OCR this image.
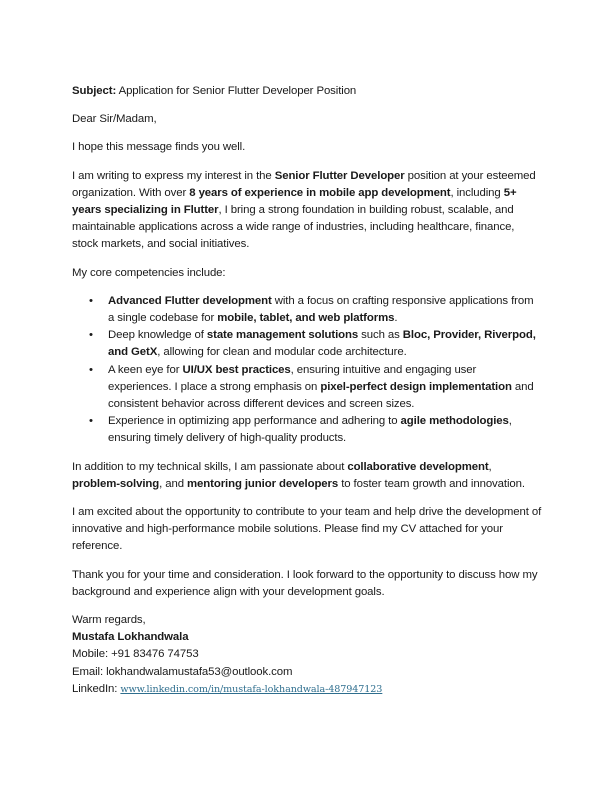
Subject: Application for Senior Flutter Developer Position

Dear Sir/Madam,

I hope this message finds you well.

I am writing to express my interest in the Senior Flutter Developer position at your esteemed organization. With over 8 years of experience in mobile app development, including 5+ years specializing in Flutter, I bring a strong foundation in building robust, scalable, and maintainable applications across a wide range of industries, including healthcare, finance, stock markets, and social initiatives.

My core competencies include:

• Advanced Flutter development with a focus on crafting responsive applications from a single codebase for mobile, tablet, and web platforms.
• Deep knowledge of state management solutions such as Bloc, Provider, Riverpod, and GetX, allowing for clean and modular code architecture.
• A keen eye for UI/UX best practices, ensuring intuitive and engaging user experiences. I place a strong emphasis on pixel-perfect design implementation and consistent behavior across different devices and screen sizes.
• Experience in optimizing app performance and adhering to agile methodologies, ensuring timely delivery of high-quality products.

In addition to my technical skills, I am passionate about collaborative development, problem-solving, and mentoring junior developers to foster team growth and innovation.

I am excited about the opportunity to contribute to your team and help drive the development of innovative and high-performance mobile solutions. Please find my CV attached for your reference.

Thank you for your time and consideration. I look forward to the opportunity to discuss how my background and experience align with your development goals.

Warm regards,

Mustafa Lokhandwala

Mobile: +91 83476 74753

Email: lokhandwalamustafa53@outlook.com

LinkedIn: www.linkedin.com/in/mustafa-lokhandwala-487947123
